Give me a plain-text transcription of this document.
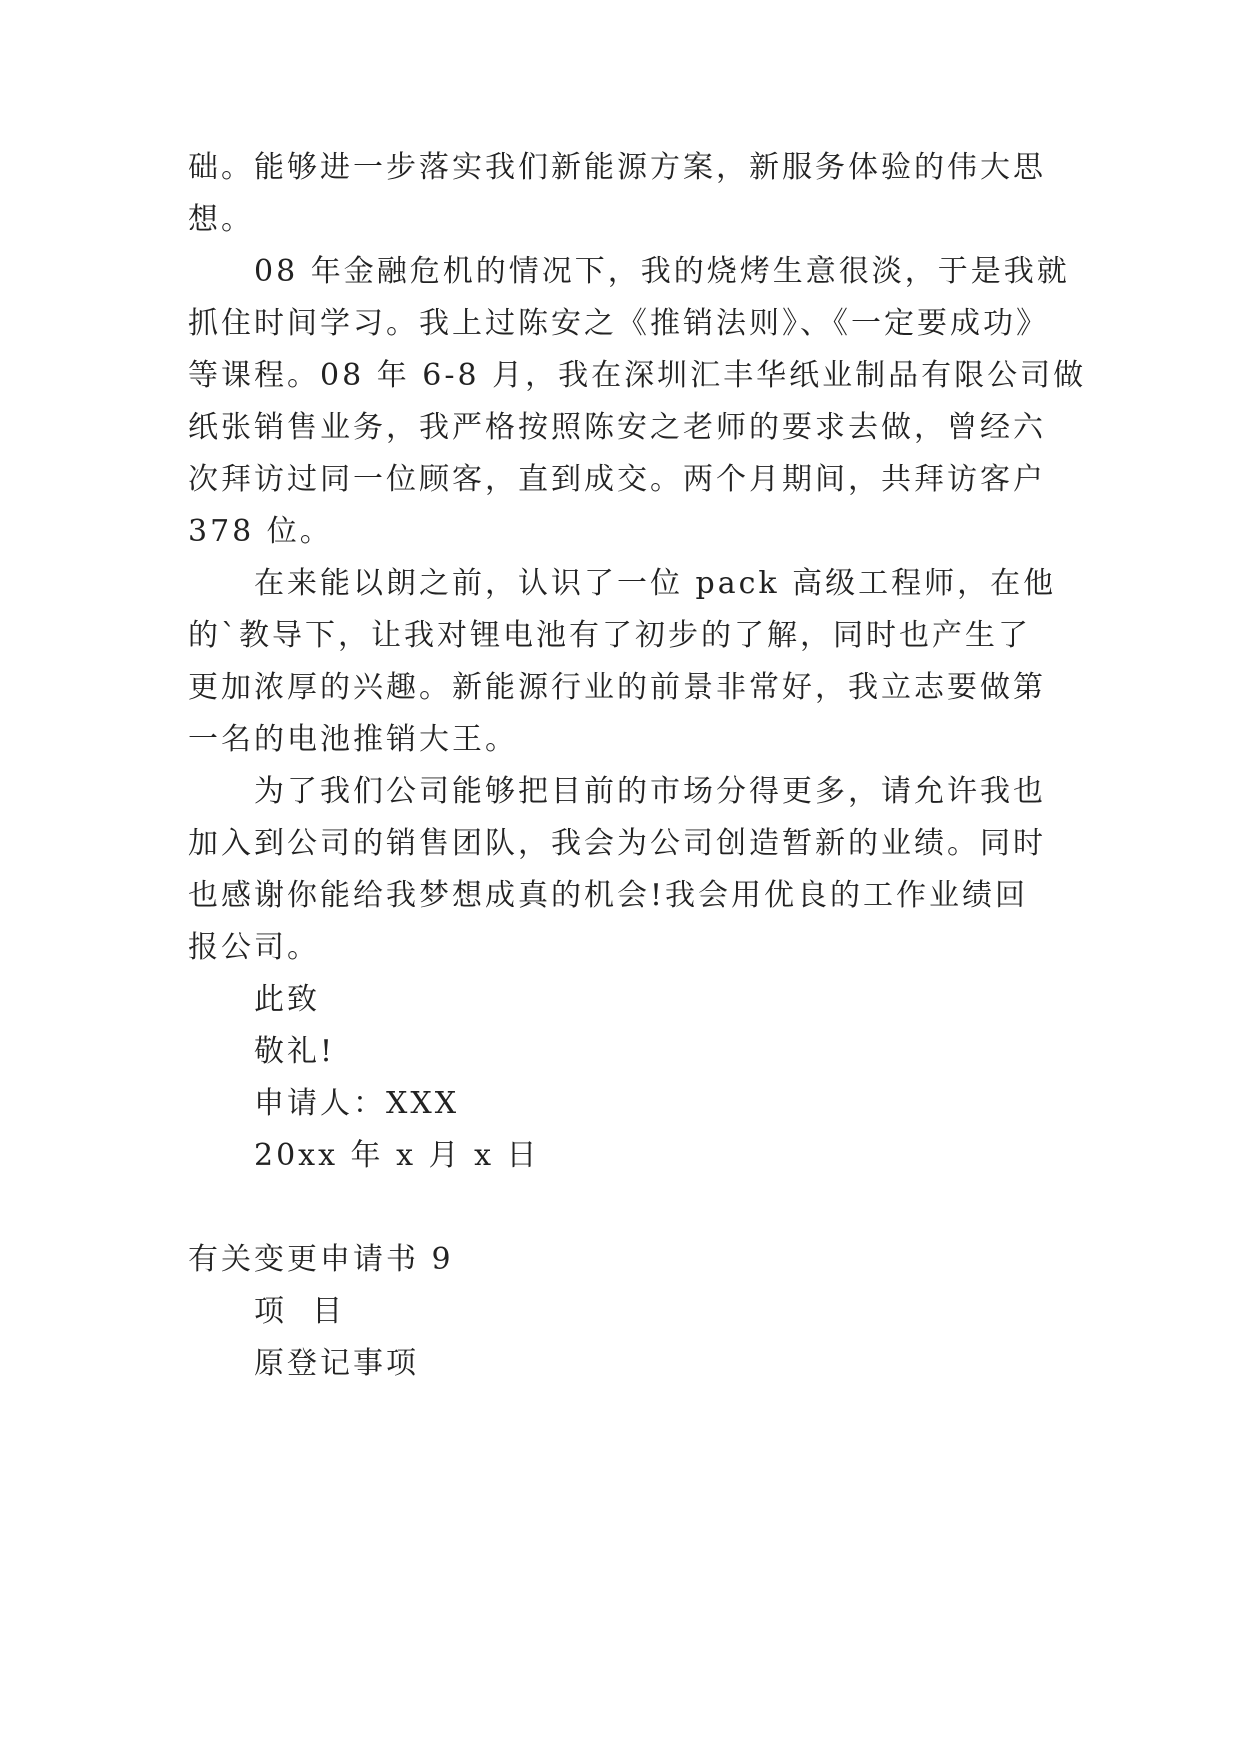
础。能够进一步落实我们新能源方案，新服务体验的伟大思
想。
08 年金融危机的情况下，我的烧烤生意很淡，于是我就
抓住时间学习。我上过陈安之《推销法则》、《一定要成功》
等课程。08 年 6-8 月，我在深圳汇丰华纸业制品有限公司做
纸张销售业务，我严格按照陈安之老师的要求去做，曾经六
次拜访过同一位顾客，直到成交。两个月期间，共拜访客户
378 位。
在来能以朗之前，认识了一位 pack 高级工程师，在他
的`教导下，让我对锂电池有了初步的了解，同时也产生了
更加浓厚的兴趣。新能源行业的前景非常好，我立志要做第
一名的电池推销大王。
为了我们公司能够把目前的市场分得更多，请允许我也
加入到公司的销售团队，我会为公司创造暂新的业绩。同时
也感谢你能给我梦想成真的机会!我会用优良的工作业绩回
报公司。
此致
敬礼!
申请人：XXX
20xx 年 x 月 x 日
有关变更申请书 9
项  目
原登记事项
